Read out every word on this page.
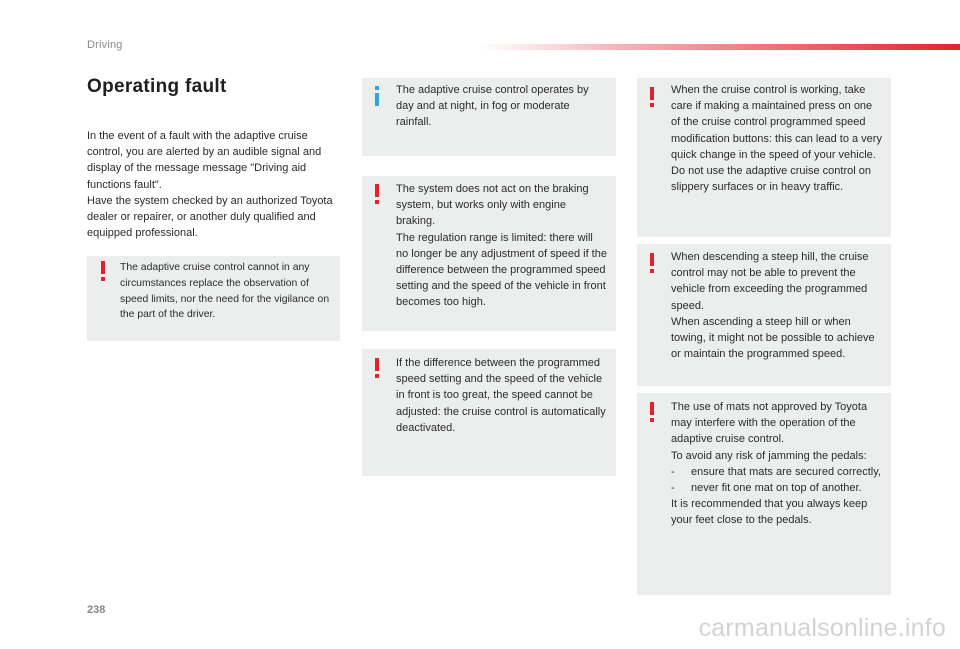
Driving
Operating fault

In the event of a fault with the adaptive cruise control, you are alerted by an audible signal and display of the message message "Driving aid functions fault".

Have the system checked by an authorized Toyota dealer or repairer, or another duly qualified and equipped professional.

The adaptive cruise control cannot in any circumstances replace the observation of speed limits, nor the need for the vigilance on the part of the driver.

The adaptive cruise control operates by day and at night, in fog or moderate rainfall.

The system does not act on the braking system, but works only with engine braking.

The regulation range is limited: there will no longer be any adjustment of speed if the difference between the programmed speed setting and the speed of the vehicle in front becomes too high.

If the difference between the programmed speed setting and the speed of the vehicle in front is too great, the speed cannot be adjusted: the cruise control is automatically deactivated.

When the cruise control is working, take care if making a maintained press on one of the cruise control programmed speed modification buttons: this can lead to a very quick change in the speed of your vehicle.

Do not use the adaptive cruise control on slippery surfaces or in heavy traffic.

When descending a steep hill, the cruise control may not be able to prevent the vehicle from exceeding the programmed speed.

When ascending a steep hill or when towing, it might not be possible to achieve or maintain the programmed speed.

The use of mats not approved by Toyota may interfere with the operation of the adaptive cruise control.

To avoid any risk of jamming the pedals:

-	ensure that mats are secured correctly,
-	never fit one mat on top of another.

It is recommended that you always keep your feet close to the pedals.

238
carmanualsonline.info
